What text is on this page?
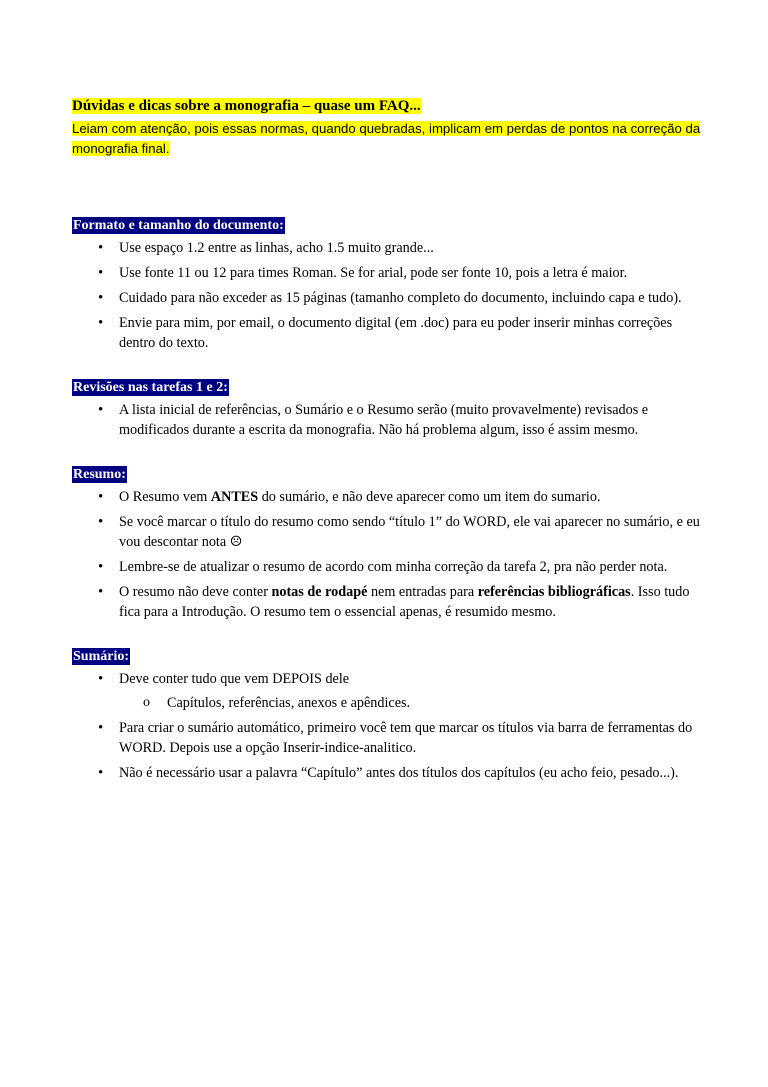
Dúvidas e dicas sobre a monografia – quase um FAQ...
Leiam com atenção, pois essas normas, quando quebradas, implicam em perdas de pontos na correção da monografia final.
Formato e tamanho do documento:
• Use espaço 1.2 entre as linhas, acho 1.5 muito grande...
• Use fonte 11 ou 12 para times Roman. Se for arial, pode ser fonte 10, pois a letra é maior.
• Cuidado para não exceder as 15 páginas (tamanho completo do documento, incluindo capa e tudo).
• Envie para mim, por email, o documento digital (em .doc) para eu poder inserir minhas correções dentro do texto.
Revisões nas tarefas 1 e 2:
• A lista inicial de referências, o Sumário e o Resumo serão (muito provavelmente) revisados e modificados durante a escrita da monografia. Não há problema algum, isso é assim mesmo.
Resumo:
• O Resumo vem ANTES do sumário, e não deve aparecer como um item do sumario.
• Se você marcar o título do resumo como sendo “título 1” do WORD, ele vai aparecer no sumário, e eu vou descontar nota ☹
• Lembre-se de atualizar o resumo de acordo com minha correção da tarefa 2, pra não perder nota.
• O resumo não deve conter notas de rodapé nem entradas para referências bibliográficas. Isso tudo fica para a Introdução. O resumo tem o essencial apenas, é resumido mesmo.
Sumário:
• Deve conter tudo que vem DEPOIS dele
o Capítulos, referências, anexos e apêndices.
• Para criar o sumário automático, primeiro você tem que marcar os títulos via barra de ferramentas do WORD. Depois use a opção Inserir-indice-analitico.
• Não é necessário usar a palavra “Capítulo” antes dos títulos dos capítulos (eu acho feio, pesado...).
